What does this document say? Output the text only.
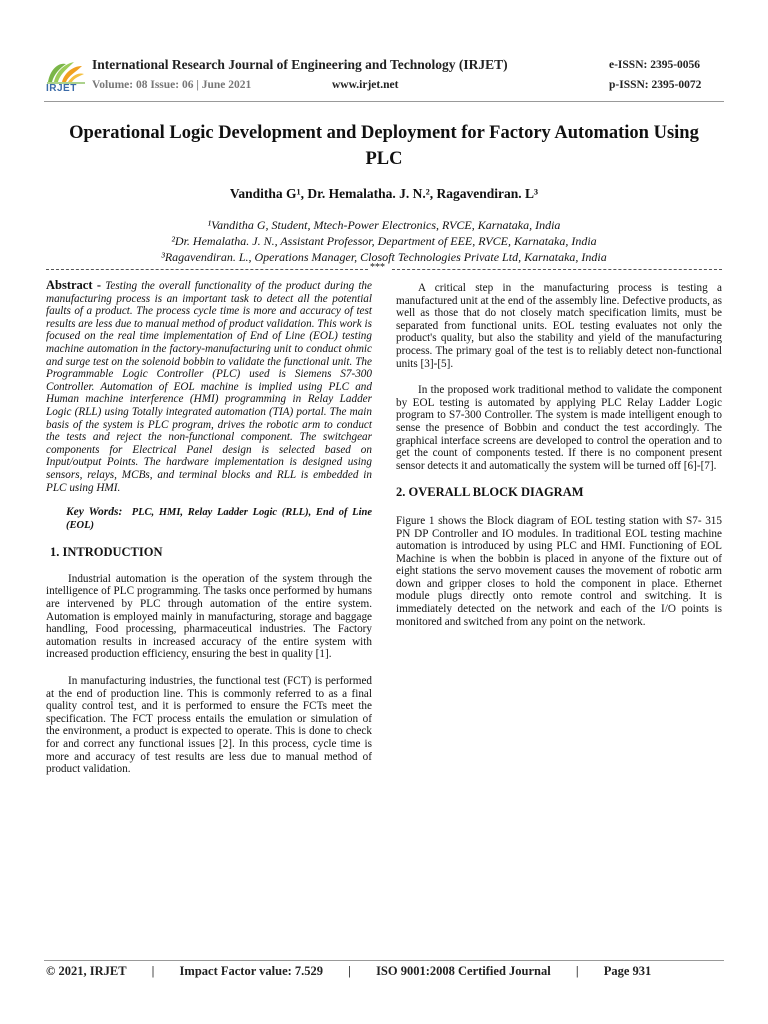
IRJET
International Research Journal of Engineering and Technology (IRJET)
Volume: 08 Issue: 06 | June 2021	www.irjet.net
e-ISSN: 2395-0056
p-ISSN: 2395-0072
Operational Logic Development and Deployment for Factory Automation Using PLC
Vanditha G¹, Dr. Hemalatha. J. N.², Ragavendiran. L³
¹Vanditha G, Student, Mtech-Power Electronics, RVCE, Karnataka, India
²Dr. Hemalatha. J. N., Assistant Professor, Department of EEE, RVCE, Karnataka, India
³Ragavendiran. L., Operations Manager, Closoft Technologies Private Ltd, Karnataka, India
***

Abstract - Testing the overall functionality of the product during the manufacturing process is an important task to detect all the potential faults of a product. The process cycle time is more and accuracy of test results are less due to manual method of product validation. This work is focused on the real time implementation of End of Line (EOL) testing machine automation in the factory-manufacturing unit to conduct ohmic and surge test on the solenoid bobbin to validate the functional unit. The Programmable Logic Controller (PLC) used is Siemens S7-300 Controller. Automation of EOL machine is implied using PLC and Human machine interference (HMI) programming in Relay Ladder Logic (RLL) using Totally integrated automation (TIA) portal. The main basis of the system is PLC program, drives the robotic arm to conduct the tests and reject the non-functional component. The switchgear components for Electrical Panel design is selected based on Input/output Points. The hardware implementation is designed using sensors, relays, MCBs, and terminal blocks and RLL is embedded in PLC using HMI.

Key Words: PLC, HMI, Relay Ladder Logic (RLL), End of Line (EOL)

1. INTRODUCTION

Industrial automation is the operation of the system through the intelligence of PLC programming. The tasks once performed by humans are intervened by PLC through automation of the entire system. Automation is employed mainly in manufacturing, storage and baggage handling, Food processing, pharmaceutical industries. The Factory automation results in increased accuracy of the entire system with increased production efficiency, ensuring the best in quality [1].

In manufacturing industries, the functional test (FCT) is performed at the end of production line. This is commonly referred to as a final quality control test, and it is performed to ensure the FCTs meet the specification. The FCT process entails the emulation or simulation of the environment, a product is expected to operate. This is done to check for and correct any functional issues [2]. In this process, cycle time is more and accuracy of test results are less due to manual method of product validation.

A critical step in the manufacturing process is testing a manufactured unit at the end of the assembly line. Defective products, as well as those that do not closely match specification limits, must be separated from functional units. EOL testing evaluates not only the product's quality, but also the stability and yield of the manufacturing process. The primary goal of the test is to reliably detect non-functional units [3]-[5].

In the proposed work traditional method to validate the component by EOL testing is automated by applying PLC Relay Ladder Logic program to S7-300 Controller. The system is made intelligent enough to sense the presence of Bobbin and conduct the test accordingly. The graphical interface screens are developed to control the operation and to get the count of components tested. If there is no component present sensor detects it and automatically the system will be turned off [6]-[7].

2. OVERALL BLOCK DIAGRAM

Figure 1 shows the Block diagram of EOL testing station with S7- 315 PN DP Controller and IO modules. In traditional EOL testing machine automation is introduced by using PLC and HMI. Functioning of EOL Machine is when the bobbin is placed in anyone of the fixture out of eight stations the servo movement causes the movement of robotic arm down and gripper closes to hold the component in place. Ethernet module plugs directly onto remote control and switching. It is immediately detected on the network and each of the I/O points is monitored and switched from any point on the network.

© 2021, IRJET | Impact Factor value: 7.529 | ISO 9001:2008 Certified Journal | Page 931
